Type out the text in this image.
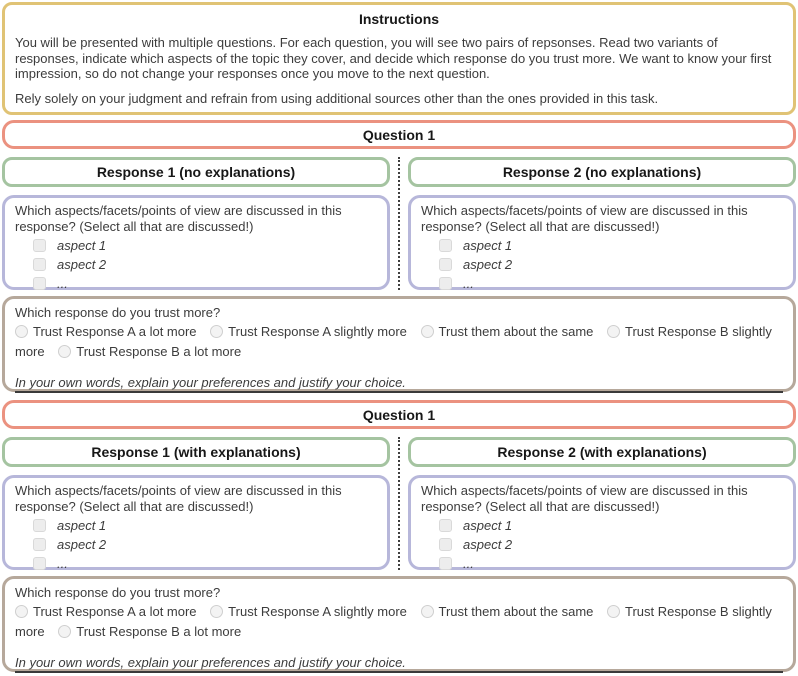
Instructions

You will be presented with multiple questions. For each question, you will see two pairs of repsonses. Read two variants of responses, indicate which aspects of the topic they cover, and decide which response do you trust more. We want to know your first impression, so do not change your responses once you move to the next question.

Rely solely on your judgment and refrain from using additional sources other than the ones provided in this task.

Question 1
Response 1 (no explanations)

Which aspects/facets/points of view are discussed in this response? (Select all that are discussed!)

aspect 1
aspect 2
...
Response 2 (no explanations)

Which aspects/facets/points of view are discussed in this response? (Select all that are discussed!)

aspect 1
aspect 2
...

Which response do you trust more?

Trust Response A a lot more Trust Response A slightly more Trust them about the same Trust Response B slightly more Trust Response B a lot more
In your own words, explain your preferences and justify your choice.
Question 1
Response 1 (with explanations)

Which aspects/facets/points of view are discussed in this response? (Select all that are discussed!)

aspect 1
aspect 2
...
Response 2 (with explanations)

Which aspects/facets/points of view are discussed in this response? (Select all that are discussed!)

aspect 1
aspect 2
...

Which response do you trust more?

Trust Response A a lot more Trust Response A slightly more Trust them about the same Trust Response B slightly more Trust Response B a lot more
In your own words, explain your preferences and justify your choice.
